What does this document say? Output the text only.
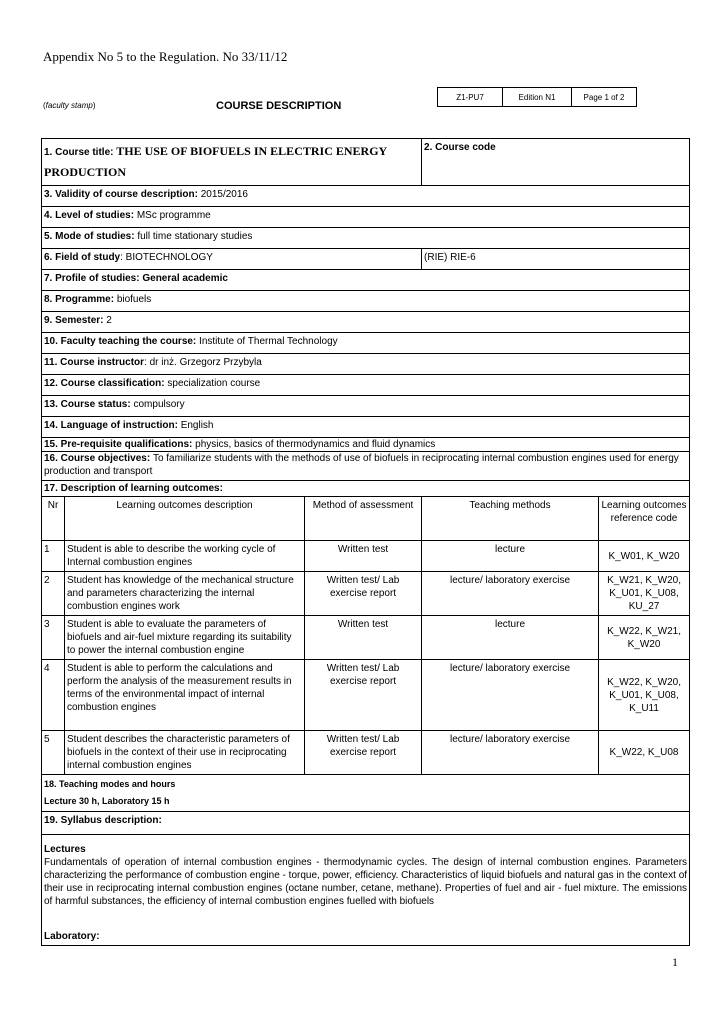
Appendix No 5 to the Regulation. No 33/11/12
(faculty stamp)	COURSE DESCRIPTION
Z1-PU7	Edition N1	Page 1 of 2
1. Course title: THE USE OF BIOFUELS IN ELECTRIC ENERGY PRODUCTION			2. Course code	
3. Validity of course description: 2015/2016				
4. Level of studies: MSc programme				
5. Mode of studies: full time stationary studies				
6. Field of study: BIOTECHNOLOGY			(RIE) RIE-6	
7. Profile of studies: General academic				
8. Programme: biofuels				
9. Semester: 2				
10. Faculty teaching the course: Institute of Thermal Technology				
11. Course instructor: dr inż. Grzegorz Przybyla				
12. Course classification: specialization course				
13. Course status: compulsory				
14. Language of instruction: English				
15. Pre-requisite qualifications: physics, basics of thermodynamics and fluid dynamics				
16. Course objectives: To familiarize students with the methods of use of biofuels in reciprocating internal combustion engines used for energy production and transport				
17. Description of learning outcomes:				
Nr	Learning outcomes description	Method of assessment	Teaching methods	Learning outcomes reference code
1	Student is able to describe the working cycle of Internal combustion engines	Written test	lecture	K_W01, K_W20
2	Student has knowledge of the mechanical structure and parameters characterizing the internal combustion engines work	Written test/ Lab exercise report	lecture/ laboratory exercise	K_W21, K_W20, K_U01, K_U08, KU_27
3	Student is able to evaluate the parameters of biofuels and air-fuel mixture regarding its suitability to power the internal combustion engine	Written test	lecture	K_W22, K_W21, K_W20
4	Student is able to perform the calculations and perform the analysis of the measurement results in terms of the environmental impact of internal combustion engines	Written test/ Lab exercise report	lecture/ laboratory exercise	K_W22, K_W20, K_U01, K_U08, K_U11
5	Student describes the characteristic parameters of biofuels in the context of their use in reciprocating internal combustion engines	Written test/ Lab exercise report	lecture/ laboratory exercise	K_W22, K_U08
18. Teaching modes and hours
Lecture 30 h, Laboratory 15 h				
19. Syllabus description:				
Lectures

Fundamentals of operation of internal combustion engines - thermodynamic cycles. The design of internal combustion engines. Parameters characterizing the performance of combustion engine - torque, power, efficiency. Characteristics of liquid biofuels and natural gas in the context of their use in reciprocating internal combustion engines (octane number, cetane, methane). Properties of fuel and air - fuel mixture. The emissions of harmful substances, the efficiency of internal combustion engines fuelled with biofuels

Laboratory:				
1
